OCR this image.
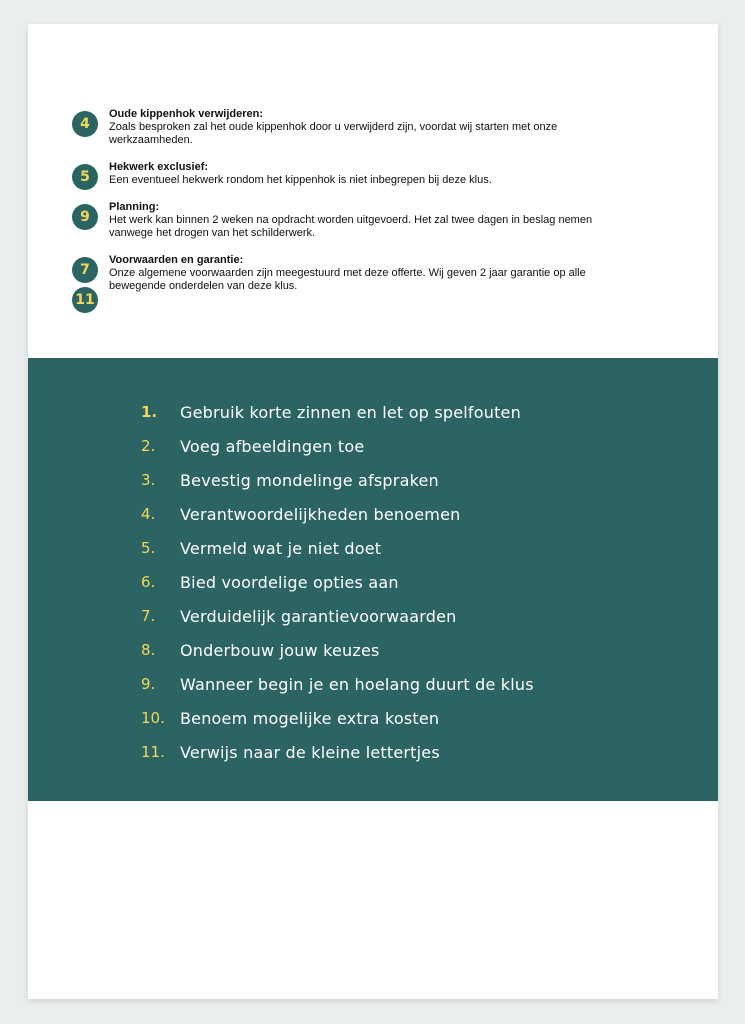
4
Oude kippenhok verwijderen:
Zoals besproken zal het oude kippenhok door u verwijderd zijn, voordat wij starten met onze werkzaamheden.
5
Hekwerk exclusief:
Een eventueel hekwerk rondom het kippenhok is niet inbegrepen bij deze klus.
9
Planning:
Het werk kan binnen 2 weken na opdracht worden uitgevoerd. Het zal twee dagen in beslag nemen vanwege het drogen van het schilderwerk.
7
11
Voorwaarden en garantie:
Onze algemene voorwaarden zijn meegestuurd met deze offerte. Wij geven 2 jaar garantie op alle bewegende onderdelen van deze klus.
1.	Gebruik korte zinnen en let op spelfouten
2.	Voeg afbeeldingen toe
3.	Bevestig mondelinge afspraken
4.	Verantwoordelijkheden benoemen
5.	Vermeld wat je niet doet
6.	Bied voordelige opties aan
7.	Verduidelijk garantievoorwaarden
8.	Onderbouw jouw keuzes
9.	Wanneer begin je en hoelang duurt de klus
10. Benoem mogelijke extra kosten
11. Verwijs naar de kleine lettertjes
